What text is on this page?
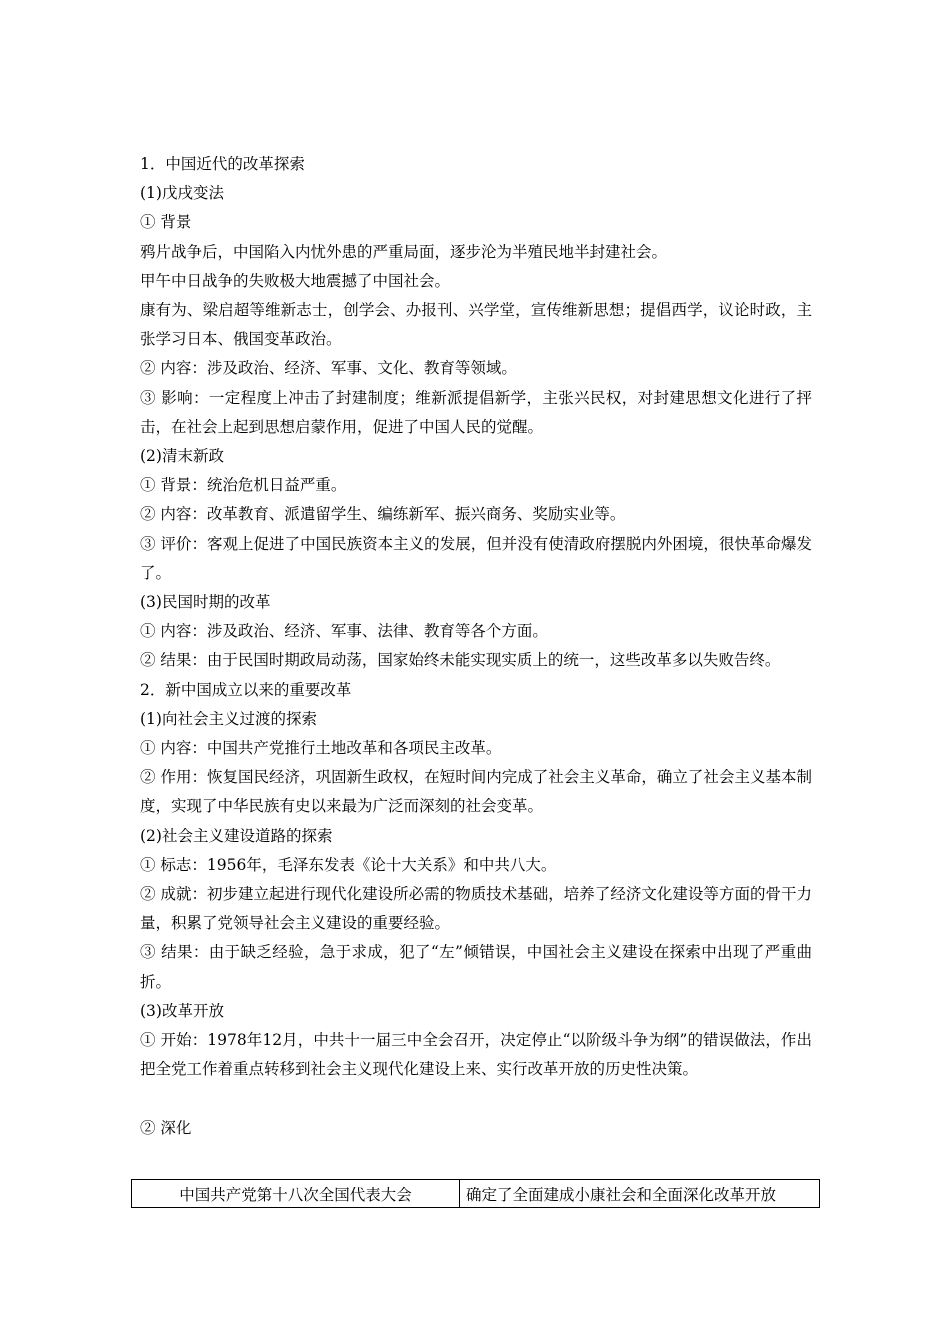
1．中国近代的改革探索

(1)戊戌变法

① 背景

鸦片战争后，中国陷入内忧外患的严重局面，逐步沦为半殖民地半封建社会。

甲午中日战争的失败极大地震撼了中国社会。

康有为、梁启超等维新志士，创学会、办报刊、兴学堂，宣传维新思想；提倡西学，议论时政，主张学习日本、俄国变革政治。

② 内容：涉及政治、经济、军事、文化、教育等领域。

③ 影响：一定程度上冲击了封建制度；维新派提倡新学，主张兴民权，对封建思想文化进行了抨击，在社会上起到思想启蒙作用，促进了中国人民的觉醒。

(2)清末新政

① 背景：统治危机日益严重。

② 内容：改革教育、派遣留学生、编练新军、振兴商务、奖励实业等。

③ 评价：客观上促进了中国民族资本主义的发展，但并没有使清政府摆脱内外困境，很快革命爆发了。

(3)民国时期的改革

① 内容：涉及政治、经济、军事、法律、教育等各个方面。

② 结果：由于民国时期政局动荡，国家始终未能实现实质上的统一，这些改革多以失败告终。

2．新中国成立以来的重要改革

(1)向社会主义过渡的探索

① 内容：中国共产党推行土地改革和各项民主改革。

② 作用：恢复国民经济，巩固新生政权，在短时间内完成了社会主义革命，确立了社会主义基本制度，实现了中华民族有史以来最为广泛而深刻的社会变革。

(2)社会主义建设道路的探索

① 标志：1956年，毛泽东发表《论十大关系》和中共八大。

② 成就：初步建立起进行现代化建设所必需的物质技术基础，培养了经济文化建设等方面的骨干力量，积累了党领导社会主义建设的重要经验。

③ 结果：由于缺乏经验，急于求成，犯了“左”倾错误，中国社会主义建设在探索中出现了严重曲折。

(3)改革开放

① 开始：1978年12月，中共十一届三中全会召开，决定停止“以阶级斗争为纲”的错误做法，作出把全党工作着重点转移到社会主义现代化建设上来、实行改革开放的历史性决策。

② 深化

中国共产党第十八次全国代表大会	确定了全面建成小康社会和全面深化改革开放
